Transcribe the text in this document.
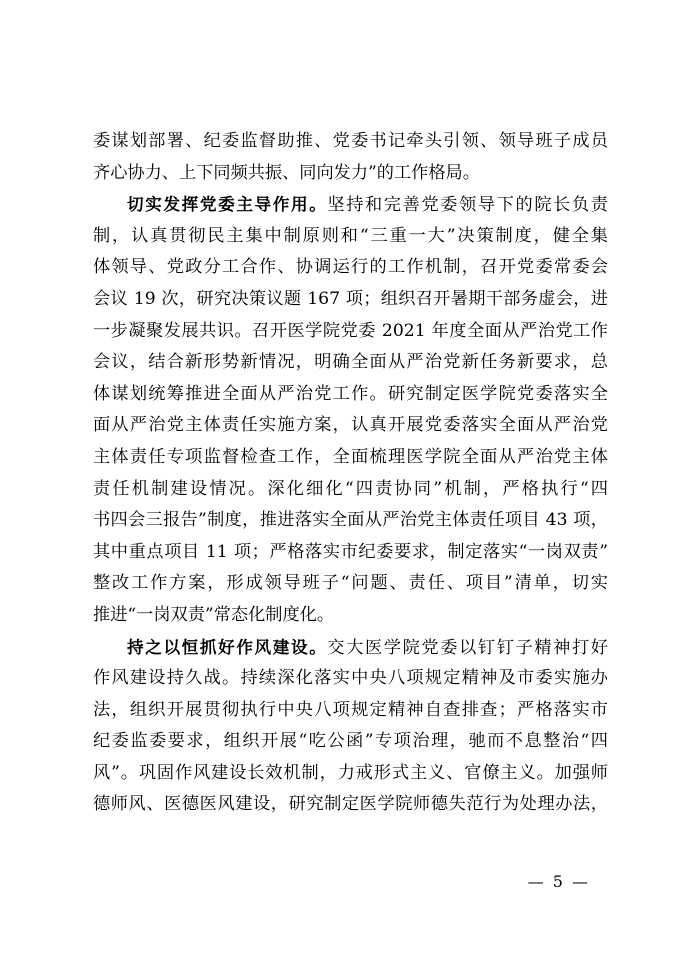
委谋划部署、纪委监督助推、党委书记牵头引领、领导班子成员
齐心协力、上下同频共振、同向发力”的工作格局。
切实发挥党委主导作用。坚持和完善党委领导下的院长负责
制，认真贯彻民主集中制原则和“三重一大”决策制度，健全集
体领导、党政分工合作、协调运行的工作机制，召开党委常委会
会议 19 次，研究决策议题 167 项；组织召开暑期干部务虚会，进
一步凝聚发展共识。召开医学院党委 2021 年度全面从严治党工作
会议，结合新形势新情况，明确全面从严治党新任务新要求，总
体谋划统筹推进全面从严治党工作。研究制定医学院党委落实全
面从严治党主体责任实施方案，认真开展党委落实全面从严治党
主体责任专项监督检查工作，全面梳理医学院全面从严治党主体
责任机制建设情况。深化细化“四责协同”机制，严格执行“四
书四会三报告”制度，推进落实全面从严治党主体责任项目 43 项，
其中重点项目 11 项；严格落实市纪委要求，制定落实“一岗双责”
整改工作方案，形成领导班子“问题、责任、项目”清单，切实
推进“一岗双责”常态化制度化。
持之以恒抓好作风建设。交大医学院党委以钉钉子精神打好
作风建设持久战。持续深化落实中央八项规定精神及市委实施办
法，组织开展贯彻执行中央八项规定精神自查排查；严格落实市
纪委监委要求，组织开展“吃公函”专项治理，驰而不息整治“四
风”。巩固作风建设长效机制，力戒形式主义、官僚主义。加强师
德师风、医德医风建设，研究制定医学院师德失范行为处理办法，
— 5 —
